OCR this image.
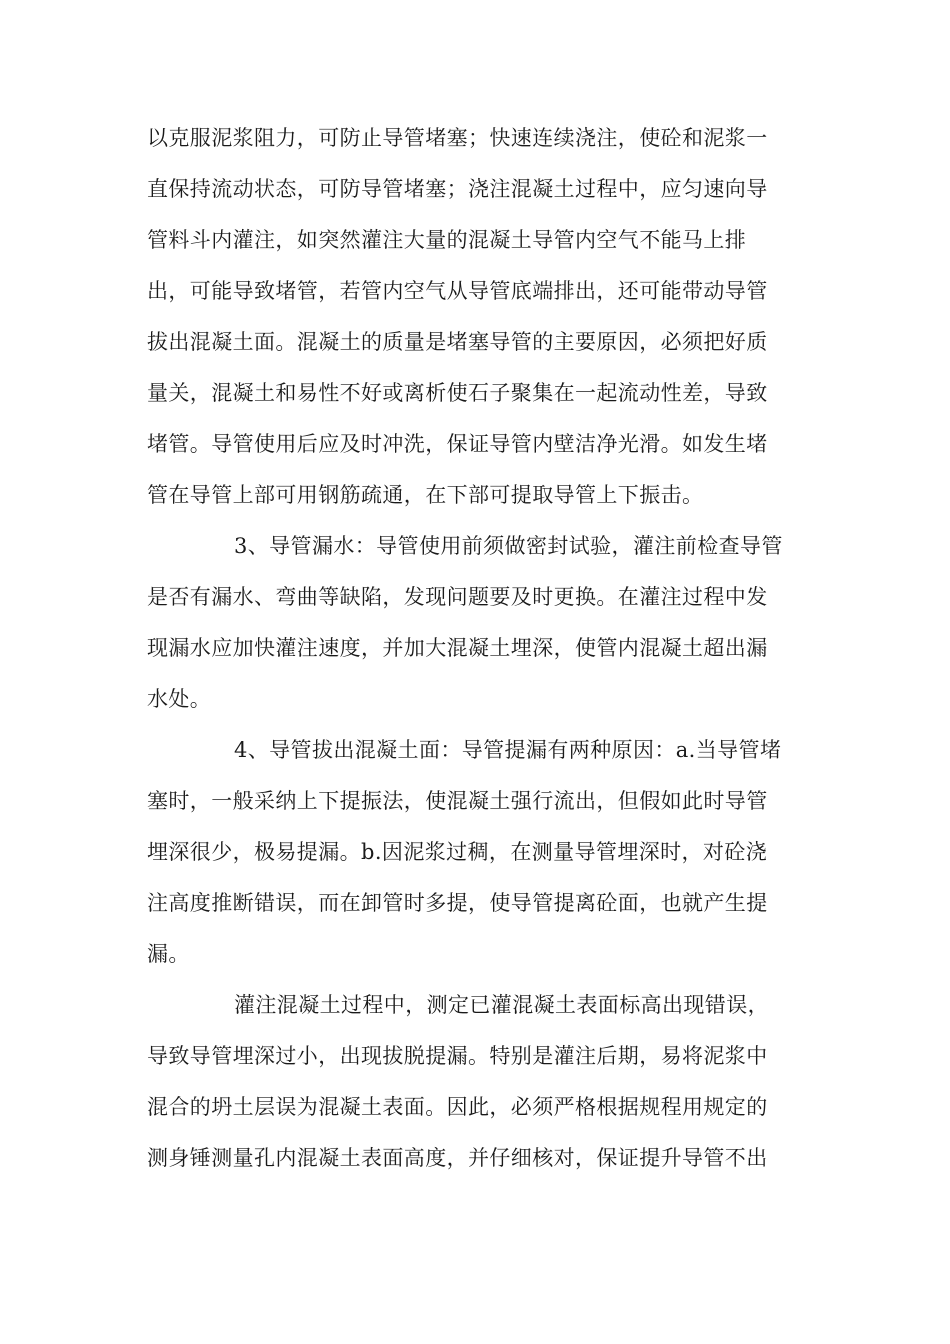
以克服泥浆阻力，可防止导管堵塞；快速连续浇注，使砼和泥浆一
直保持流动状态，可防导管堵塞；浇注混凝土过程中，应匀速向导
管料斗内灌注，如突然灌注大量的混凝土导管内空气不能马上排
出，可能导致堵管，若管内空气从导管底端排出，还可能带动导管
拔出混凝土面。混凝土的质量是堵塞导管的主要原因，必须把好质
量关，混凝土和易性不好或离析使石子聚集在一起流动性差，导致
堵管。导管使用后应及时冲洗，保证导管内壁洁净光滑。如发生堵
管在导管上部可用钢筋疏通，在下部可提取导管上下振击。
3、导管漏水：导管使用前须做密封试验，灌注前检查导管
是否有漏水、弯曲等缺陷，发现问题要及时更换。在灌注过程中发
现漏水应加快灌注速度，并加大混凝土埋深，使管内混凝土超出漏
水处。
4、导管拔出混凝土面：导管提漏有两种原因：a.当导管堵
塞时，一般采纳上下提振法，使混凝土强行流出，但假如此时导管
埋深很少，极易提漏。b.因泥浆过稠，在测量导管埋深时，对砼浇
注高度推断错误，而在卸管时多提，使导管提离砼面，也就产生提
漏。
灌注混凝土过程中，测定已灌混凝土表面标高出现错误，
导致导管埋深过小，出现拔脱提漏。特别是灌注后期，易将泥浆中
混合的坍土层误为混凝土表面。因此，必须严格根据规程用规定的
测身锤测量孔内混凝土表面高度，并仔细核对，保证提升导管不出
